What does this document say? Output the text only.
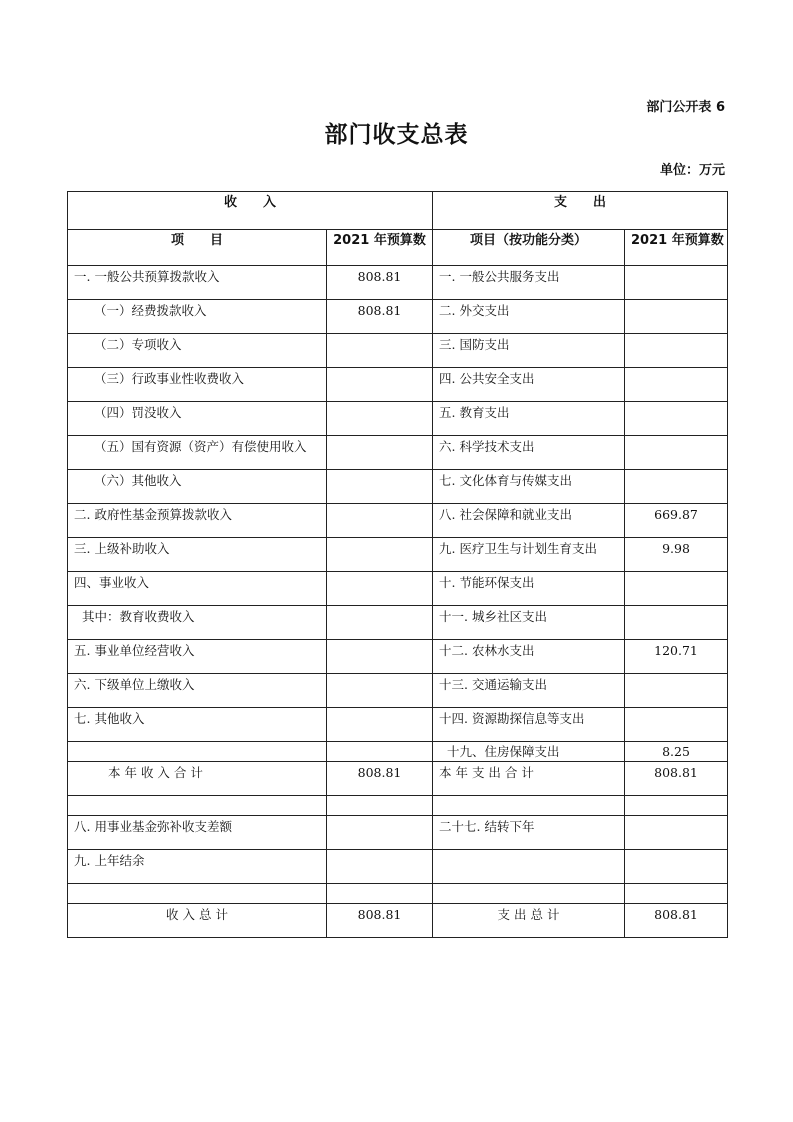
部门公开表 6
部门收支总表
单位：万元
收　　入		支　　出	
项　　目	2021 年预算数	项目（按功能分类）	2021 年预算数
一. 一般公共预算拨款收入	808.81	一. 一般公共服务支出	
（一）经费拨款收入	808.81	二. 外交支出	
（二）专项收入		三. 国防支出	
（三）行政事业性收费收入		四. 公共安全支出	
（四）罚没收入		五. 教育支出	
（五）国有资源（资产）有偿使用收入		六. 科学技术支出	
（六）其他收入		七. 文化体育与传媒支出	
二. 政府性基金预算拨款收入		八. 社会保障和就业支出	669.87
三. 上级补助收入		九. 医疗卫生与计划生育支出	9.98
四、事业收入		十. 节能环保支出	
其中：教育收费收入		十一. 城乡社区支出	
五. 事业单位经营收入		十二. 农林水支出	120.71
六. 下级单位上缴收入		十三. 交通运输支出	
七. 其他收入		十四. 资源勘探信息等支出	
		十九、住房保障支出	8.25
本 年 收 入 合 计	808.81	本 年 支 出 合 计	808.81

八. 用事业基金弥补收支差额		二十七. 结转下年	
九. 上年结余			

收 入 总 计	808.81	支 出 总 计	808.81
